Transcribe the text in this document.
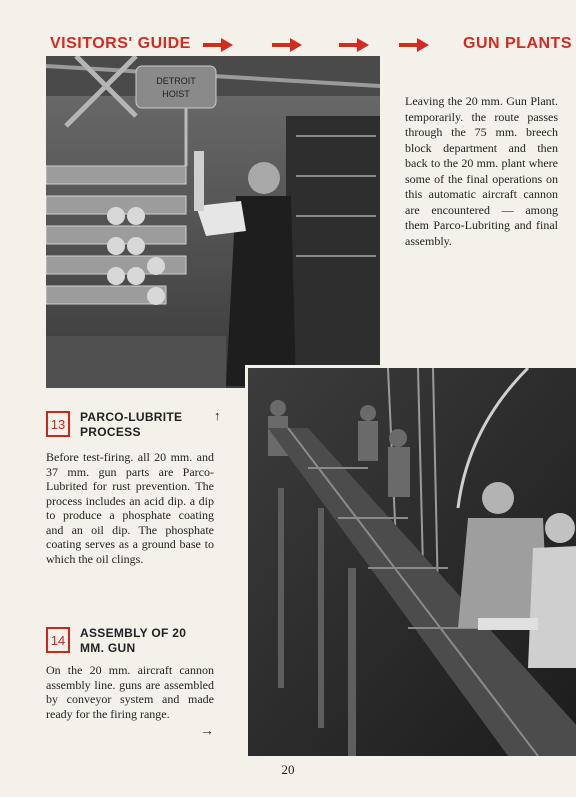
VISITORS' GUIDE	GUN PLANTS
DETROIT
HOIST	Leaving the 20 mm. Gun Plant. temporarily. the route passes through the 75 mm. breech block department and then back to the 20 mm. plant where some of the final operations on this automatic aircraft cannon are encountered — among them Parco-Lubriting and final assembly.
13	PARCO-LUBRITE PROCESS
↑
Before test-firing. all 20 mm. and 37 mm. gun parts are Parco-Lubrited for rust prevention. The process includes an acid dip. a dip to produce a phosphate coating and an oil dip. The phosphate coating serves as a ground base to which the oil clings.
14	ASSEMBLY OF 20 MM. GUN
On the 20 mm. aircraft cannon assembly line. guns are assembled by conveyor system and made ready for the firing range.
→
20
